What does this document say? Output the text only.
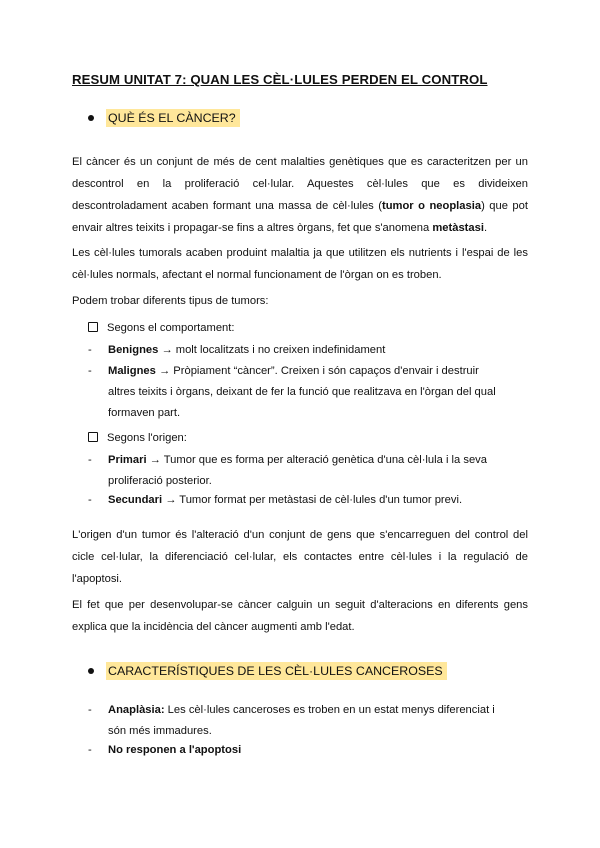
RESUM UNITAT 7: QUAN LES CÈL·LULES PERDEN EL CONTROL
QUÈ ÉS EL CÀNCER?

El càncer és un conjunt de més de cent malalties genètiques que es caracteritzen per un

descontrol en la proliferació cel·lular. Aquestes cèl·lules que es divideixen

descontroladament acaben formant una massa de cèl·lules (tumor o neoplasia) que pot

envair altres teixits i propagar-se fins a altres òrgans, fet que s'anomena metàstasi.

Les cèl·lules tumorals acaben produint malaltia ja que utilitzen els nutrients i l'espai de les

cèl·lules normals, afectant el normal funcionament de l'òrgan on es troben.

Podem trobar diferents tipus de tumors:

Segons el comportament:
- Benignes → molt localitzats i no creixen indefinidament
- Malignes → Pròpiament “càncer”. Creixen i són capaços d'envair i destruir altres teixits i òrgans, deixant de fer la funció que realitzava en l'òrgan del qual formaven part.
Segons l'origen:
- Primari → Tumor que es forma per alteració genètica d'una cèl·lula i la seva proliferació posterior.
- Secundari → Tumor format per metàstasi de cèl·lules d'un tumor previ.

L'origen d'un tumor és l'alteració d'un conjunt de gens que s'encarreguen del control del

cicle cel·lular, la diferenciació cel·lular, els contactes entre cèl·lules i la regulació de

l'apoptosi.

El fet que per desenvolupar-se càncer calguin un seguit d'alteracions en diferents gens

explica que la incidència del càncer augmenti amb l'edat.

CARACTERÍSTIQUES DE LES CÈL·LULES CANCEROSES
- Anaplàsia: Les cèl·lules canceroses es troben en un estat menys diferenciat i són més immadures.
- No responen a l'apoptosi
